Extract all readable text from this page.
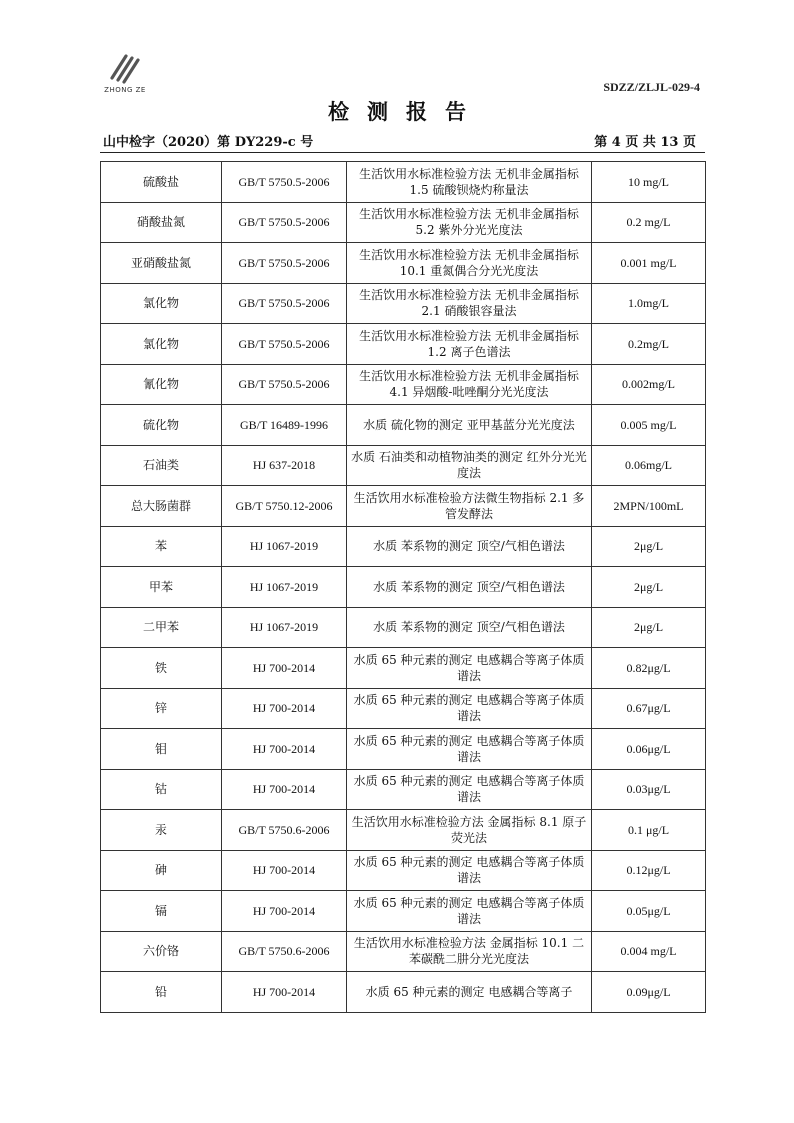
ZHONG ZE	SDZZ/ZLJL-029-4
检测报告
山中检字（2020）第 DY229-c 号	第 4 页 共 13 页
硫酸盐	GB/T 5750.5-2006	生活饮用水标准检验方法 无机非金属指标 1.5 硫酸钡烧灼称量法	10 mg/L
硝酸盐氮	GB/T 5750.5-2006	生活饮用水标准检验方法 无机非金属指标 5.2 紫外分光光度法	0.2 mg/L
亚硝酸盐氮	GB/T 5750.5-2006	生活饮用水标准检验方法 无机非金属指标 10.1 重氮偶合分光光度法	0.001 mg/L
氯化物	GB/T 5750.5-2006	生活饮用水标准检验方法 无机非金属指标 2.1 硝酸银容量法	1.0mg/L
氯化物	GB/T 5750.5-2006	生活饮用水标准检验方法 无机非金属指标 1.2 离子色谱法	0.2mg/L
氰化物	GB/T 5750.5-2006	生活饮用水标准检验方法 无机非金属指标 4.1 异烟酸-吡唑酮分光光度法	0.002mg/L
硫化物	GB/T 16489-1996	水质 硫化物的测定 亚甲基蓝分光光度法	0.005 mg/L
石油类	HJ 637-2018	水质 石油类和动植物油类的测定 红外分光光度法	0.06mg/L
总大肠菌群	GB/T 5750.12-2006	生活饮用水标准检验方法微生物指标 2.1 多管发酵法	2MPN/100mL
苯	HJ 1067-2019	水质 苯系物的测定 顶空/气相色谱法	2μg/L
甲苯	HJ 1067-2019	水质 苯系物的测定 顶空/气相色谱法	2μg/L
二甲苯	HJ 1067-2019	水质 苯系物的测定 顶空/气相色谱法	2μg/L
铁	HJ 700-2014	水质 65 种元素的测定 电感耦合等离子体质谱法	0.82μg/L
锌	HJ 700-2014	水质 65 种元素的测定 电感耦合等离子体质谱法	0.67μg/L
钼	HJ 700-2014	水质 65 种元素的测定 电感耦合等离子体质谱法	0.06μg/L
钴	HJ 700-2014	水质 65 种元素的测定 电感耦合等离子体质谱法	0.03μg/L
汞	GB/T 5750.6-2006	生活饮用水标准检验方法 金属指标 8.1 原子荧光法	0.1 μg/L
砷	HJ 700-2014	水质 65 种元素的测定 电感耦合等离子体质谱法	0.12μg/L
镉	HJ 700-2014	水质 65 种元素的测定 电感耦合等离子体质谱法	0.05μg/L
六价铬	GB/T 5750.6-2006	生活饮用水标准检验方法 金属指标 10.1 二苯碳酰二肼分光光度法	0.004 mg/L
铅	HJ 700-2014	水质 65 种元素的测定 电感耦合等离子	0.09μg/L
